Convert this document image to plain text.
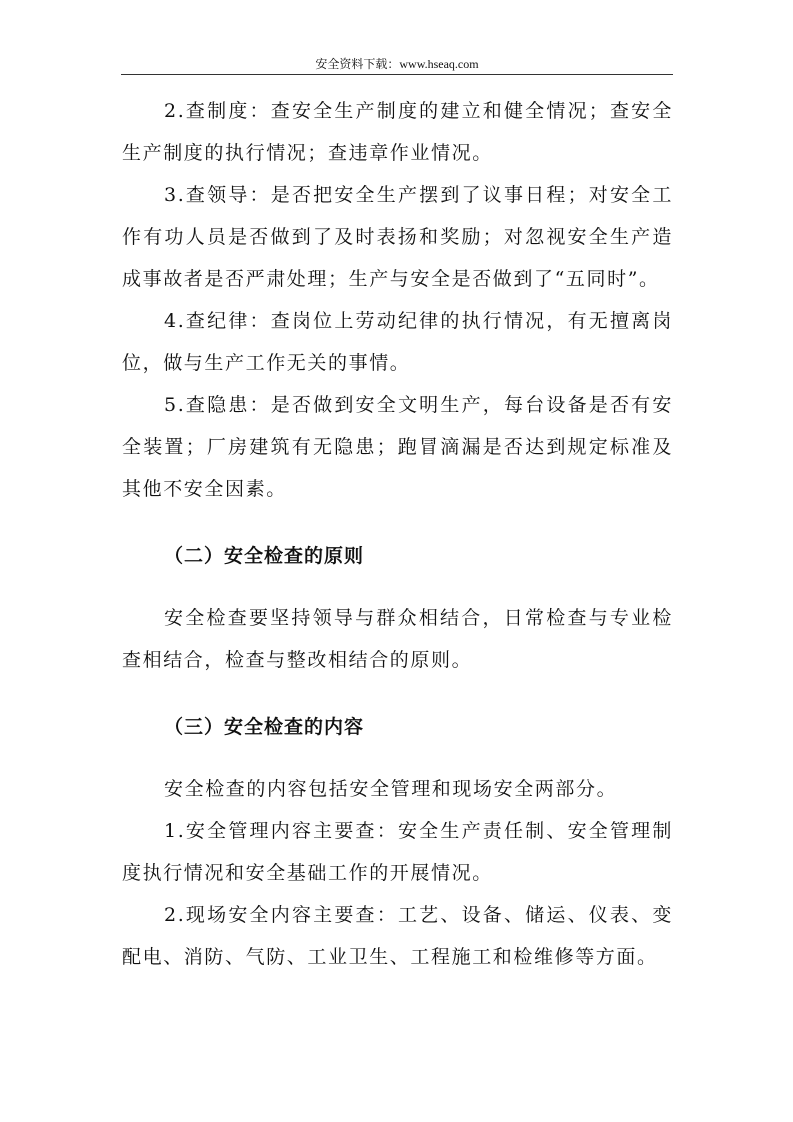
安全资料下载：www.hseaq.com

2.查制度：查安全生产制度的建立和健全情况；查安全生产制度的执行情况；查违章作业情况。

3.查领导：是否把安全生产摆到了议事日程；对安全工作有功人员是否做到了及时表扬和奖励；对忽视安全生产造成事故者是否严肃处理；生产与安全是否做到了“五同时”。

4.查纪律：查岗位上劳动纪律的执行情况，有无擅离岗位，做与生产工作无关的事情。

5.查隐患：是否做到安全文明生产，每台设备是否有安全装置；厂房建筑有无隐患；跑冒滴漏是否达到规定标准及其他不安全因素。

（二）安全检查的原则

安全检查要坚持领导与群众相结合，日常检查与专业检查相结合，检查与整改相结合的原则。

（三）安全检查的内容

安全检查的内容包括安全管理和现场安全两部分。

1.安全管理内容主要查：安全生产责任制、安全管理制度执行情况和安全基础工作的开展情况。

2.现场安全内容主要查：工艺、设备、储运、仪表、变配电、消防、气防、工业卫生、工程施工和检维修等方面。
